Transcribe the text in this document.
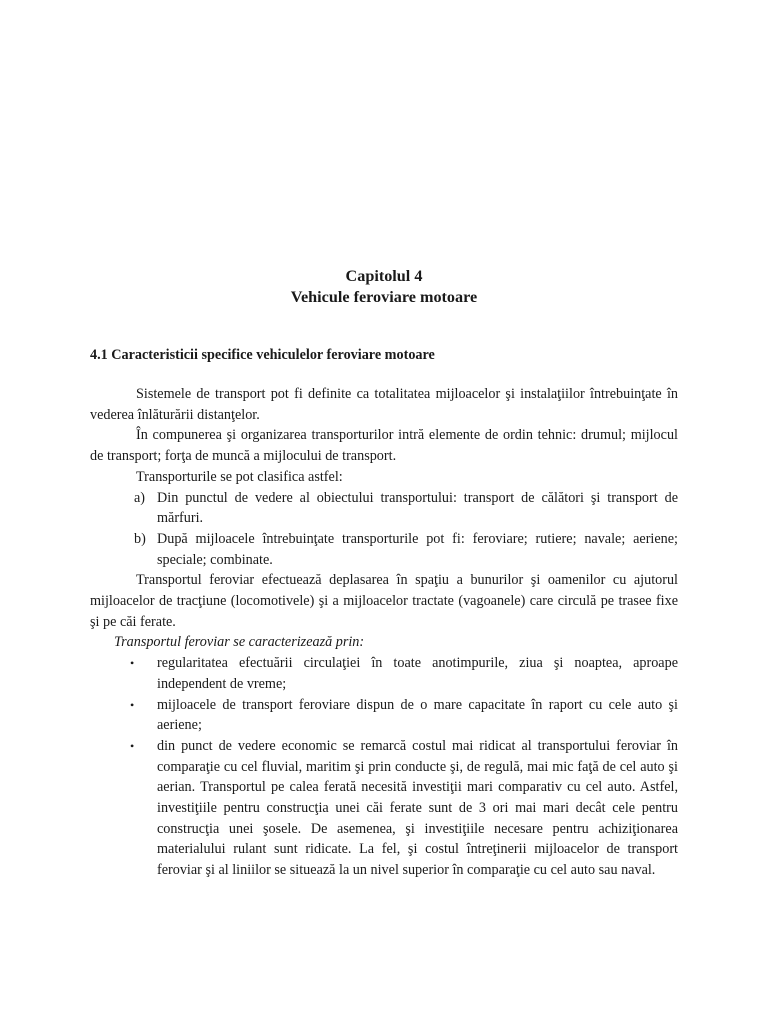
Capitolul 4
Vehicule feroviare motoare
4.1 Caracteristicii specifice vehiculelor feroviare motoare

Sistemele de transport pot fi definite ca totalitatea mijloacelor şi instalaţiilor întrebuinţate în vederea înlăturării distanţelor.

În compunerea şi organizarea transporturilor intră elemente de ordin tehnic: drumul; mijlocul de transport; forţa de muncă a mijlocului de transport.

Transporturile se pot clasifica astfel:

a) Din punctul de vedere al obiectului transportului: transport de călători şi transport de mărfuri.
b) După mijloacele întrebuinţate transporturile pot fi: feroviare; rutiere; navale; aeriene; speciale; combinate.

Transportul feroviar efectuează deplasarea în spaţiu a bunurilor şi oamenilor cu ajutorul mijloacelor de tracţiune (locomotivele) şi a mijloacelor tractate (vagoanele) care circulă pe trasee fixe şi pe căi ferate.

Transportul feroviar se caracterizează prin:

• regularitatea efectuării circulaţiei în toate anotimpurile, ziua şi noaptea, aproape independent de vreme;
• mijloacele de transport feroviare dispun de o mare capacitate în raport cu cele auto şi aeriene;
• din punct de vedere economic se remarcă costul mai ridicat al transportului feroviar în comparaţie cu cel fluvial, maritim şi prin conducte şi, de regulă, mai mic faţă de cel auto şi aerian. Transportul pe calea ferată necesită investiţii mari comparativ cu cel auto. Astfel, investiţiile pentru construcţia unei căi ferate sunt de 3 ori mai mari decât cele pentru construcţia unei şosele. De asemenea, şi investiţiile necesare pentru achiziţionarea materialului rulant sunt ridicate. La fel, şi costul întreţinerii mijloacelor de transport feroviar şi al liniilor se situează la un nivel superior în comparaţie cu cel auto sau naval.
